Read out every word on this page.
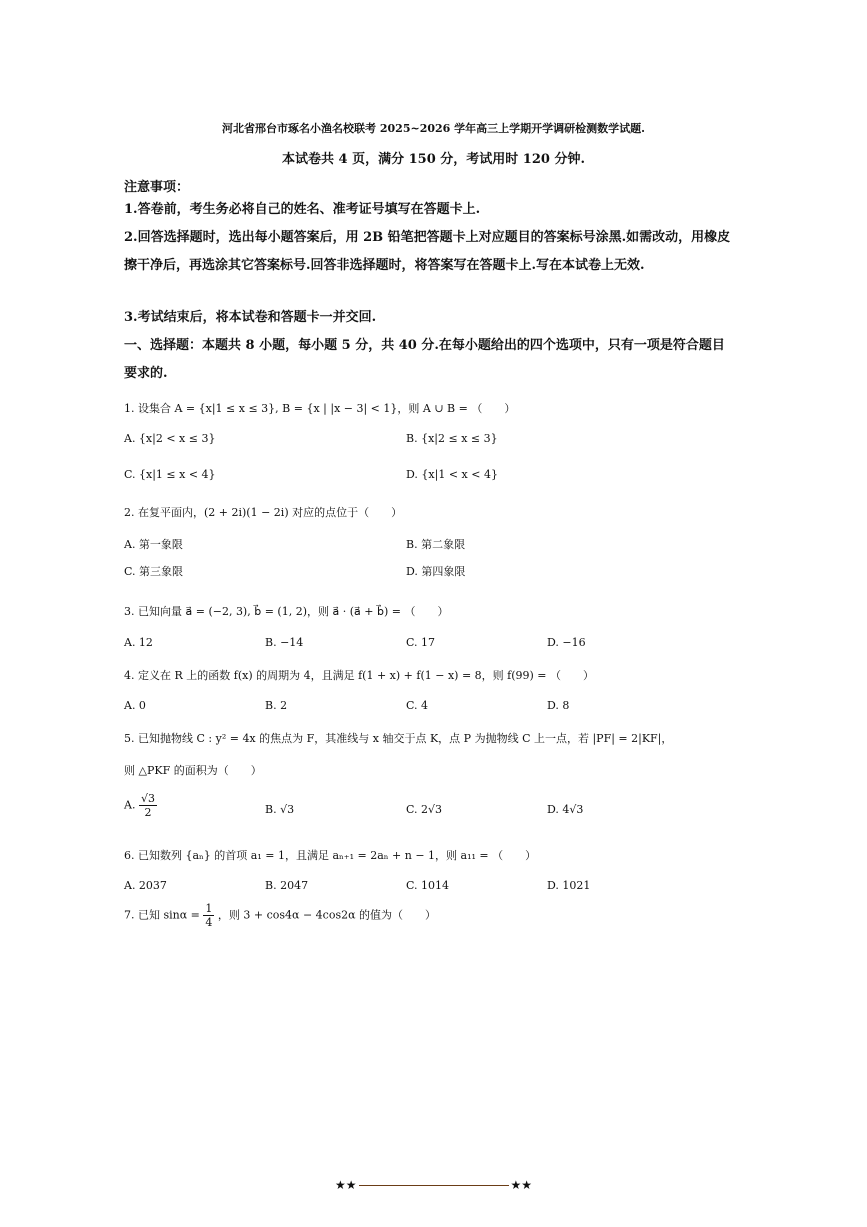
河北省邢台市琢名小渔名校联考 2025~2026 学年高三上学期开学调研检测数学试题.
本试卷共 4 页，满分 150 分，考试用时 120 分钟.
注意事项：
1.答卷前，考生务必将自己的姓名、准考证号填写在答题卡上.
2.回答选择题时，选出每小题答案后，用 2B 铅笔把答题卡上对应题目的答案标号涂黑.如需改动，用橡皮擦干净后，再选涂其它答案标号.回答非选择题时，将答案写在答题卡上.写在本试卷上无效.
3.考试结束后，将本试卷和答题卡一并交回.
一、选择题：本题共 8 小题，每小题 5 分，共 40 分.在每小题给出的四个选项中，只有一项是符合题目要求的.
1. 设集合 A = {x|1 ≤ x ≤ 3}, B = {x | |x − 3| < 1}，则 A ∪ B = （　　）
A. {x|2 < x ≤ 3}	B. {x|2 ≤ x ≤ 3}
C. {x|1 ≤ x < 4}	D. {x|1 < x < 4}
2. 在复平面内，(2 + 2i)(1 − 2i) 对应的点位于（　　）
A. 第一象限	B. 第二象限
C. 第三象限	D. 第四象限
3. 已知向量 a⃗ = (−2, 3), b⃗ = (1, 2)，则 a⃗ · (a⃗ + b⃗) = （　　）
A. 12	B. −14	C. 17	D. −16
4. 定义在 R 上的函数 f(x) 的周期为 4，且满足 f(1 + x) + f(1 − x) = 8，则 f(99) = （　　）
A. 0	B. 2	C. 4	D. 8
5. 已知抛物线 C : y² = 4x 的焦点为 F，其准线与 x 轴交于点 K，点 P 为抛物线 C 上一点，若 |PF| = 2|KF|，
则 △PKF 的面积为（　　）
A. $\frac{√3}{2}$	B. √3	C. 2√3	D. 4√3
6. 已知数列 {aₙ} 的首项 a₁ = 1，且满足 aₙ₊₁ = 2aₙ + n − 1，则 a₁₁ = （　　）
A. 2037	B. 2047	C. 1014	D. 1021
7. 已知 $\sin\alpha = \frac{1}{4}$ ，则 3 + cos4α − 4cos2α 的值为（　　）
★★	★★
